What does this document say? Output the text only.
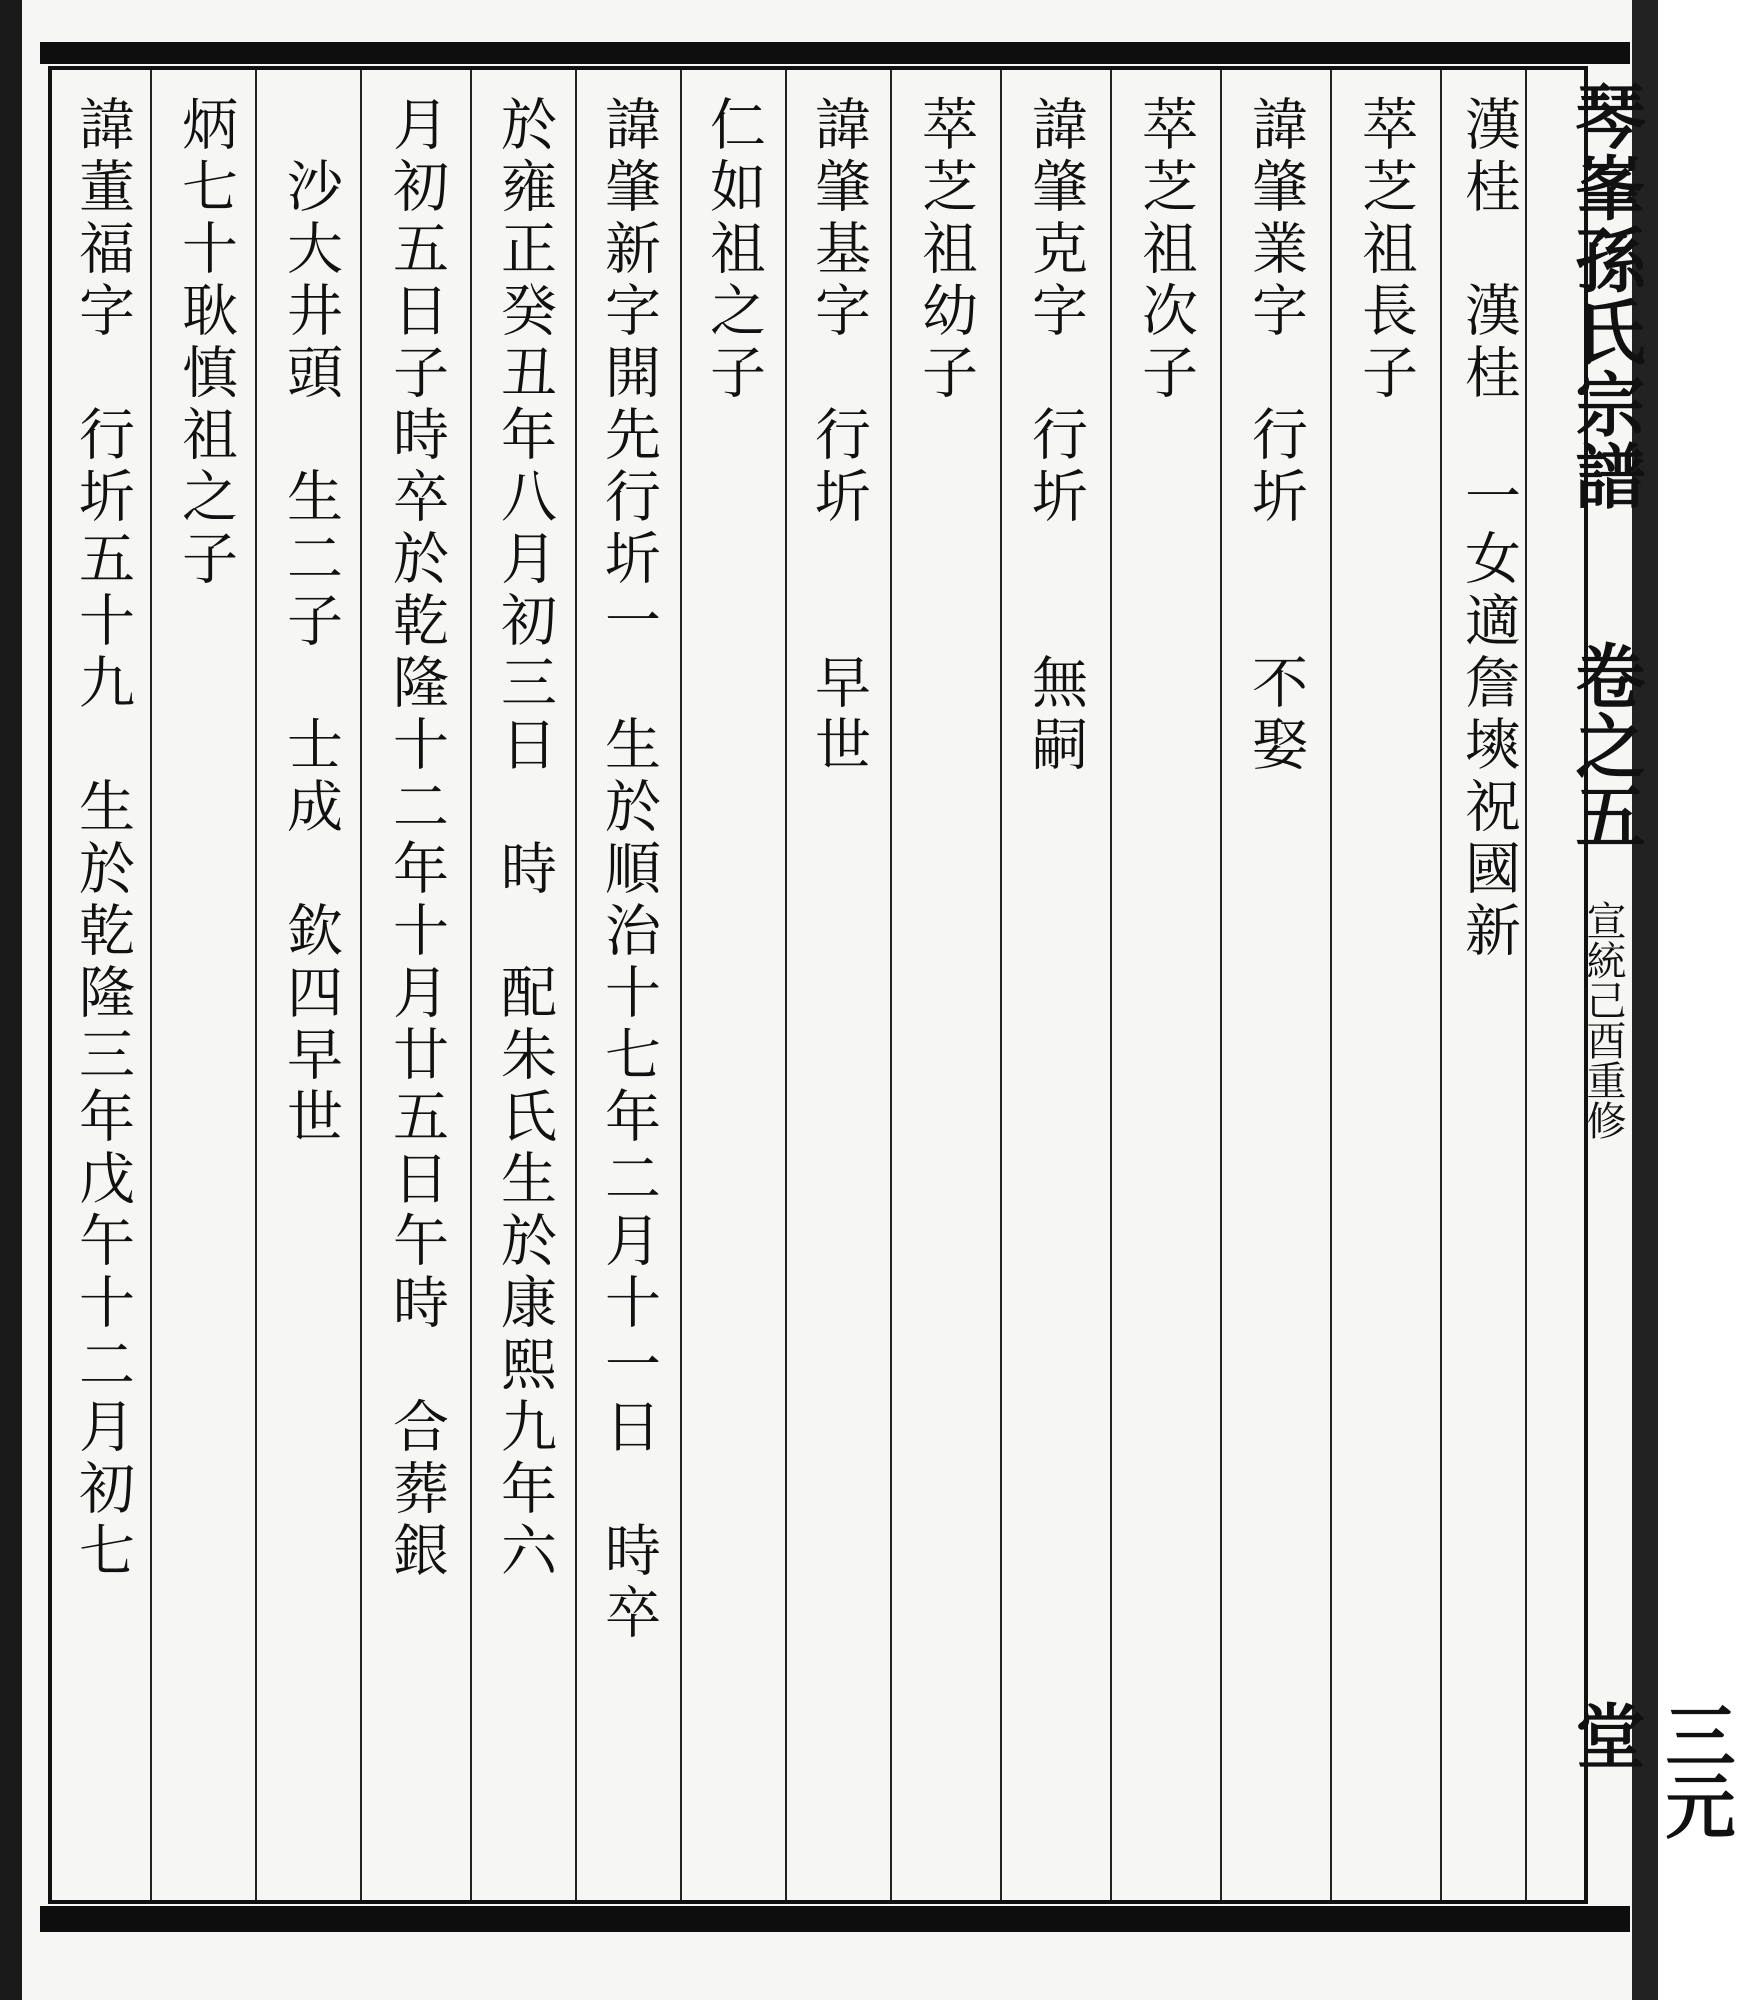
琴峯孫氏宗譜
卷之五
宣統己酉重修
三元堂
漢桂　漢桂　一女適詹塽祝國新
萃芝祖長子
諱肇業字　行圻　　不娶
萃芝祖次子
諱肇克字　行圻　　無嗣
萃芝祖幼子
諱肇基字　行圻　　早世
仁如祖之子
諱肇新字開先行圻一　生於順治十七年二月十一日　時卒
於雍正癸丑年八月初三日　時　配朱氏生於康熙九年六
月初五日子時卒於乾隆十二年十月廿五日午時　合葬銀
　沙大井頭　生二子　士成　欽四早世
炳七十耿慎祖之子
諱董福字　行圻五十九　生於乾隆三年戊午十二月初七
